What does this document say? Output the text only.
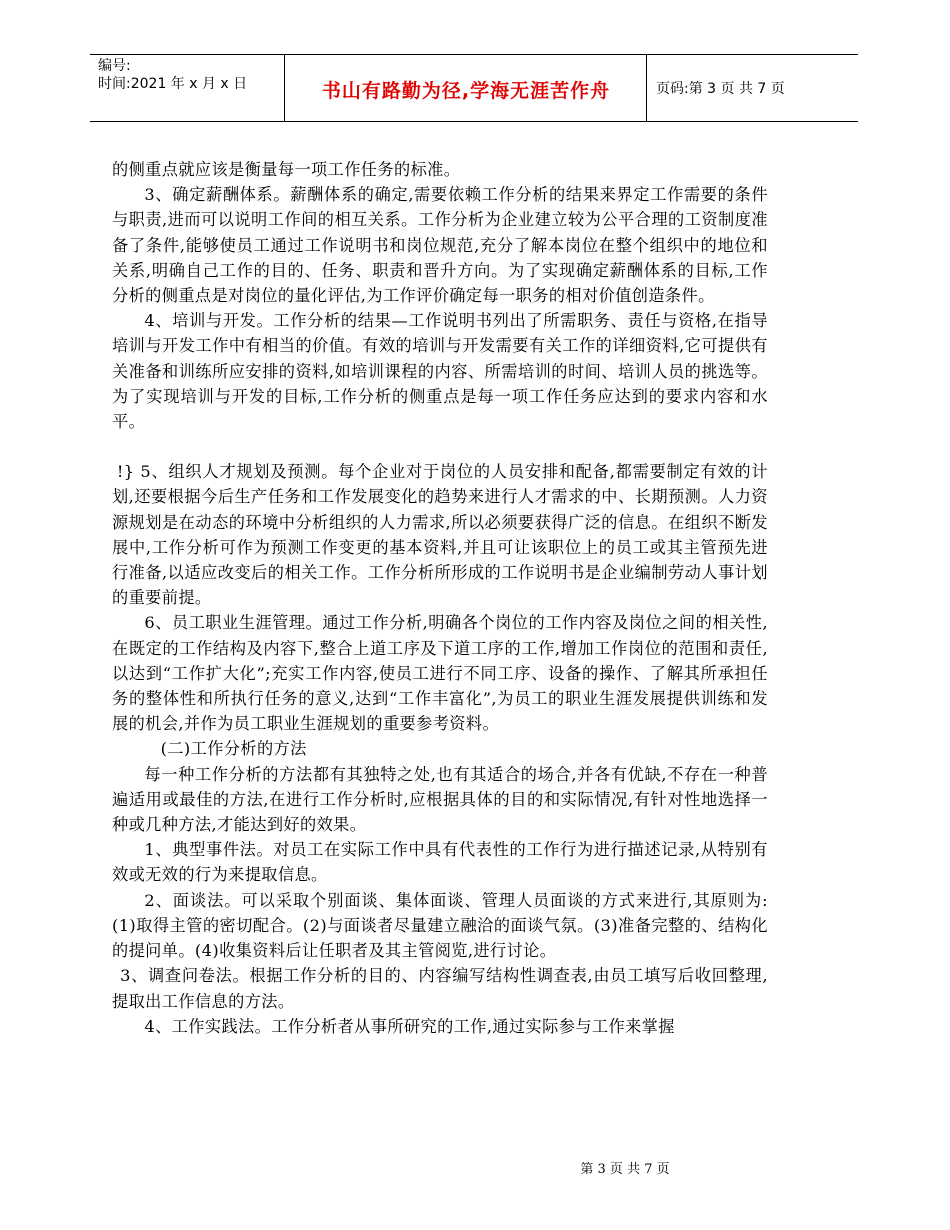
编号:
时间:2021 年 x 月 x 日	书山有路勤为径,学海无涯苦作舟	页码:第 3 页 共 7 页

的侧重点就应该是衡量每一项工作任务的标准。

3、确定薪酬体系。薪酬体系的确定,需要依赖工作分析的结果来界定工作需要的条件与职责,进而可以说明工作间的相互关系。工作分析为企业建立较为公平合理的工资制度准备了条件,能够使员工通过工作说明书和岗位规范,充分了解本岗位在整个组织中的地位和关系,明确自己工作的目的、任务、职责和晋升方向。为了实现确定薪酬体系的目标,工作分析的侧重点是对岗位的量化评估,为工作评价确定每一职务的相对价值创造条件。

4、培训与开发。工作分析的结果—工作说明书列出了所需职务、责任与资格,在指导培训与开发工作中有相当的价值。有效的培训与开发需要有关工作的详细资料,它可提供有关准备和训练所应安排的资料,如培训课程的内容、所需培训的时间、培训人员的挑选等。为了实现培训与开发的目标,工作分析的侧重点是每一项工作任务应达到的要求内容和水平。

!} 5、组织人才规划及预测。每个企业对于岗位的人员安排和配备,都需要制定有效的计划,还要根据今后生产任务和工作发展变化的趋势来进行人才需求的中、长期预测。人力资源规划是在动态的环境中分析组织的人力需求,所以必须要获得广泛的信息。在组织不断发展中,工作分析可作为预测工作变更的基本资料,并且可让该职位上的员工或其主管预先进行准备,以适应改变后的相关工作。工作分析所形成的工作说明书是企业编制劳动人事计划的重要前提。

6、员工职业生涯管理。通过工作分析,明确各个岗位的工作内容及岗位之间的相关性,在既定的工作结构及内容下,整合上道工序及下道工序的工作,增加工作岗位的范围和责任,以达到“工作扩大化”;充实工作内容,使员工进行不同工序、设备的操作、了解其所承担任务的整体性和所执行任务的意义,达到“工作丰富化”,为员工的职业生涯发展提供训练和发展的机会,并作为员工职业生涯规划的重要参考资料。

(二)工作分析的方法

每一种工作分析的方法都有其独特之处,也有其适合的场合,并各有优缺,不存在一种普遍适用或最佳的方法,在进行工作分析时,应根据具体的目的和实际情况,有针对性地选择一种或几种方法,才能达到好的效果。

1、典型事件法。对员工在实际工作中具有代表性的工作行为进行描述记录,从特别有效或无效的行为来提取信息。

2、面谈法。可以采取个别面谈、集体面谈、管理人员面谈的方式来进行,其原则为:(1)取得主管的密切配合。(2)与面谈者尽量建立融洽的面谈气氛。(3)准备完整的、结构化的提问单。(4)收集资料后让任职者及其主管阅览,进行讨论。

3、调查问卷法。根据工作分析的目的、内容编写结构性调查表,由员工填写后收回整理,提取出工作信息的方法。

4、工作实践法。工作分析者从事所研究的工作,通过实际参与工作来掌握

第 3 页 共 7 页
